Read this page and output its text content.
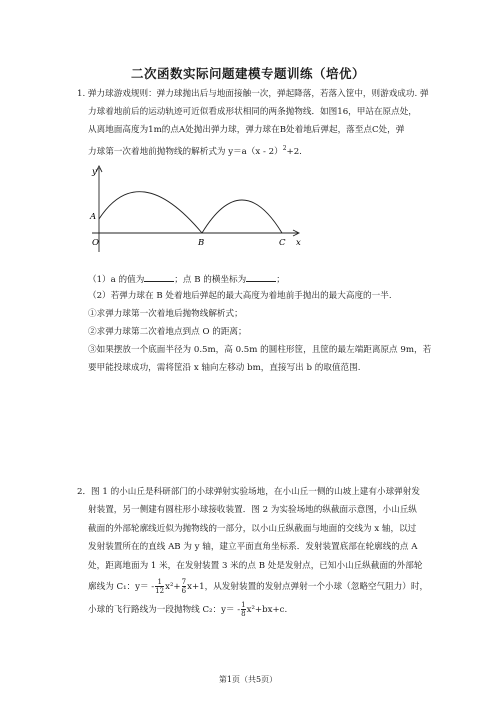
二次函数实际问题建模专题训练（培优）
1. 弹力球游戏规则：弹力球抛出后与地面接触一次，弹起降落，若落入筐中，则游戏成功. 弹
力球着地前后的运动轨迹可近似看成形状相同的两条抛物线．如图16，甲站在原点处，
从离地面高度为1m的点A处抛出弹力球，弹力球在B处着地后弹起，落至点C处，弹
力球第一次着地前抛物线的解析式为 y＝a（x - 2）$^2$+2.
y
x
A
O	B	C
（1）a 的值为	；点 B 的横坐标为	；
（2）若弹力球在 B 处着地后弹起的最大高度为着地前手抛出的最大高度的一半.
①求弹力球第一次着地后抛物线解析式；
②求弹力球第二次着地点到点 O 的距离；
③如果摆放一个底面半径为 0.5m，高 0.5m 的圆柱形筐，且筐的最左端距离原点 9m，若
要甲能投球成功，需将筐沿 x 轴向左移动 bm，直接写出 b 的取值范围.
2．图 1 的小山丘是科研部门的小球弹射实验场地，在小山丘一侧的山坡上建有小球弹射发
射装置，另一侧建有圆柱形小球接收装置．图 2 为实验场地的纵截面示意图，小山丘纵
截面的外部轮廓线近似为抛物线的一部分，以小山丘纵截面与地面的交线为 x 轴，以过
发射装置所在的直线 AB 为 y 轴，建立平面直角坐标系．发射装置底部在轮廓线的点 A
处，距离地面为 1 米，在发射装置 3 米的点 B 处是发射点，已知小山丘纵截面的外部轮
廓线为 C₁：$y= - \frac{1}{12} x^2+ \frac{7}{6} x+1$，从发射装置的发射点弹射一个小球（忽略空气阻力）时，
小球的飞行路线为一段抛物线 C₂：$y= - \frac{1}{8} x^2+bx+c$.
第1页（共5页）
